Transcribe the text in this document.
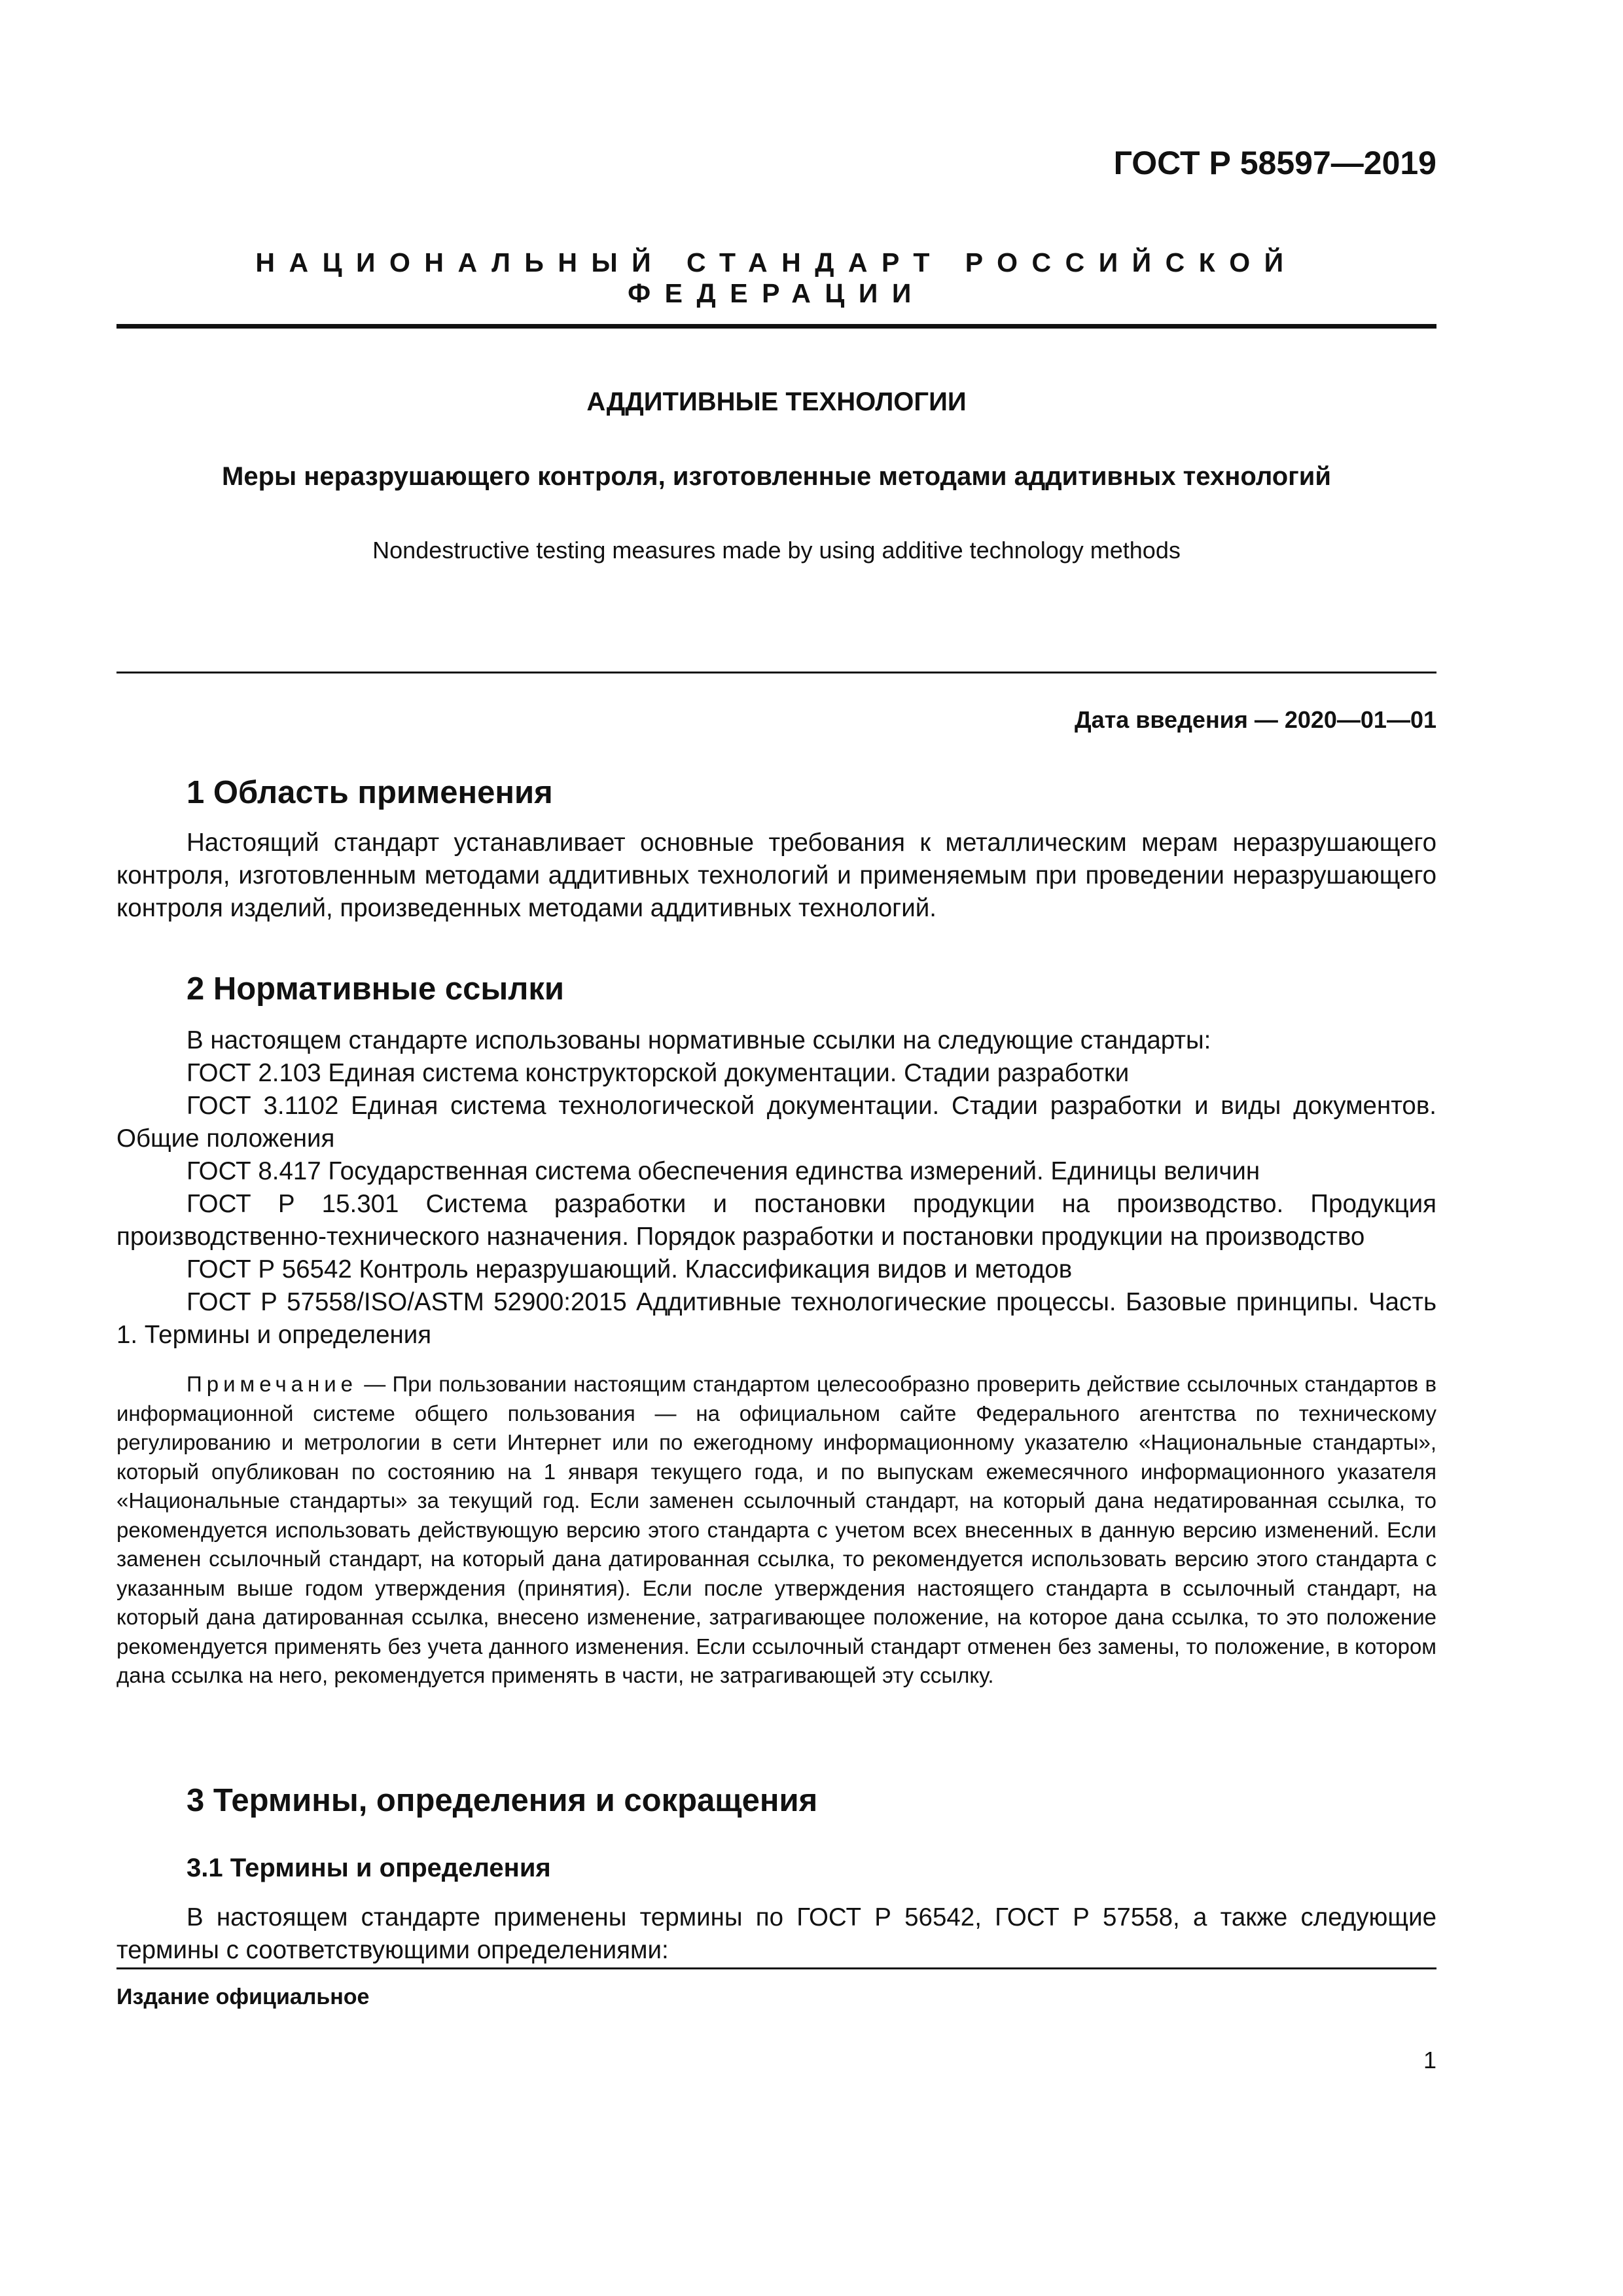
ГОСТ Р 58597—2019
НАЦИОНАЛЬНЫЙ СТАНДАРТ РОССИЙСКОЙ ФЕДЕРАЦИИ
АДДИТИВНЫЕ ТЕХНОЛОГИИ
Меры неразрушающего контроля, изготовленные методами аддитивных технологий
Nondestructive testing measures made by using additive technology methods
Дата введения — 2020—01—01
1 Область применения

Настоящий стандарт устанавливает основные требования к металлическим мерам неразрушающего контроля, изготовленным методами аддитивных технологий и применяемым при проведении неразрушающего контроля изделий, произведенных методами аддитивных технологий.

2 Нормативные ссылки

В настоящем стандарте использованы нормативные ссылки на следующие стандарты:

ГОСТ 2.103 Единая система конструкторской документации. Стадии разработки

ГОСТ 3.1102 Единая система технологической документации. Стадии разработки и виды документов. Общие положения

ГОСТ 8.417 Государственная система обеспечения единства измерений. Единицы величин

ГОСТ Р 15.301 Система разработки и постановки продукции на производство. Продукция производственно-технического назначения. Порядок разработки и постановки продукции на производство

ГОСТ Р 56542 Контроль неразрушающий. Классификация видов и методов

ГОСТ Р 57558/ISO/ASTM 52900:2015 Аддитивные технологические процессы. Базовые принципы. Часть 1. Термины и определения

Примечание — При пользовании настоящим стандартом целесообразно проверить действие ссылочных стандартов в информационной системе общего пользования — на официальном сайте Федерального агентства по техническому регулированию и метрологии в сети Интернет или по ежегодному информационному указателю «Национальные стандарты», который опубликован по состоянию на 1 января текущего года, и по выпускам ежемесячного информационного указателя «Национальные стандарты» за текущий год. Если заменен ссылочный стандарт, на который дана недатированная ссылка, то рекомендуется использовать действующую версию этого стандарта с учетом всех внесенных в данную версию изменений. Если заменен ссылочный стандарт, на который дана датированная ссылка, то рекомендуется использовать версию этого стандарта с указанным выше годом утверждения (принятия). Если после утверждения настоящего стандарта в ссылочный стандарт, на который дана датированная ссылка, внесено изменение, затрагивающее положение, на которое дана ссылка, то это положение рекомендуется применять без учета данного изменения. Если ссылочный стандарт отменен без замены, то положение, в котором дана ссылка на него, рекомендуется применять в части, не затрагивающей эту ссылку.

3 Термины, определения и сокращения
3.1 Термины и определения

В настоящем стандарте применены термины по ГОСТ Р 56542, ГОСТ Р 57558, а также следующие термины с соответствующими определениями:

Издание официальное
1
